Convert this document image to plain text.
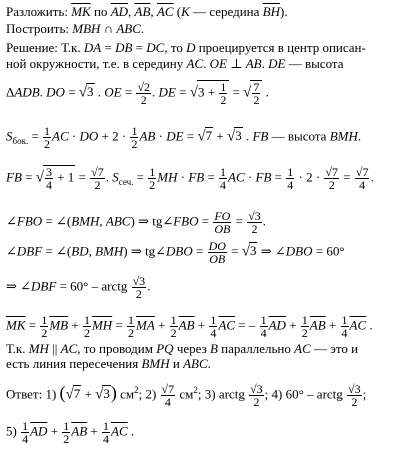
Разложить: $\overline{MK}$ по $\overline{AD}$, $\overline{AB}$, $\overline{AC}$ (K — середина $\overline{BH}$).
Построить: MBH ∩ ABC.
Решение: Т.к. DA = DB = DC, то D проецируется в центр описан-
ной окружности, т.е. в середину AC. OE ⊥ AB. DE — высота
ΔADB. DO = √3 . OE = $\frac{√2}{2}$ . DE = $√3 + \frac{1}{2}$ = √ $\frac{7}{2}$ .
$S_{бок.} = \frac{1}{2}$ AC · DO + $2 \cdot \frac{1}{2}$ AB · DE = √7 + √3 . FB — высота BMH.
FB = √ $\frac{3}{4} + 1 = \frac{√7}{2}$ . $S_{сеч.} = \frac{1}{2}$ MH · FB = $\frac{1}{4}$ AC · FB = $\frac{1}{4} \cdot 2 \cdot \frac{√7}{2} = \frac{√7}{4}$ .
∠FBO = ∠(BMH, ABC) ⇒ tg∠FBO = $\frac{FO}{OB} = \frac{√3}{2}$ .
∠DBF = ∠(BD, BMH) ⇒ tg∠DBO = $\frac{DO}{OB} = √3$ ⇒ ∠DBO = 60°
⇒ ∠DBF = 60° – arctg $\frac{√3}{2}$ .
$\overline{MK} = \frac{1}{2} \overline{MB} + \frac{1}{2} \overline{MH} = \frac{1}{2} \overline{MA} + \frac{1}{2} \overline{AB} + \frac{1}{4} \overline{AC}$ = – $\frac{1}{4} \overline{AD} + \frac{1}{2} \overline{AB} + \frac{1}{4} \overline{AC}$ .
Т.к. MH || AC, то проводим PQ через B параллельно AC — это и
есть линия пересечения BMH и ABC.
Ответ: 1) (√7 + √3) $см^2$; $2) \frac{√7}{4} см^2$; 3) arctg $\frac{√3}{2}$ ; 4) 60° – arctg $\frac{√3}{2}$ ;
$5) \frac{1}{4} \overline{AD} + \frac{1}{2} \overline{AB} + \frac{1}{4} \overline{AC}$ .
